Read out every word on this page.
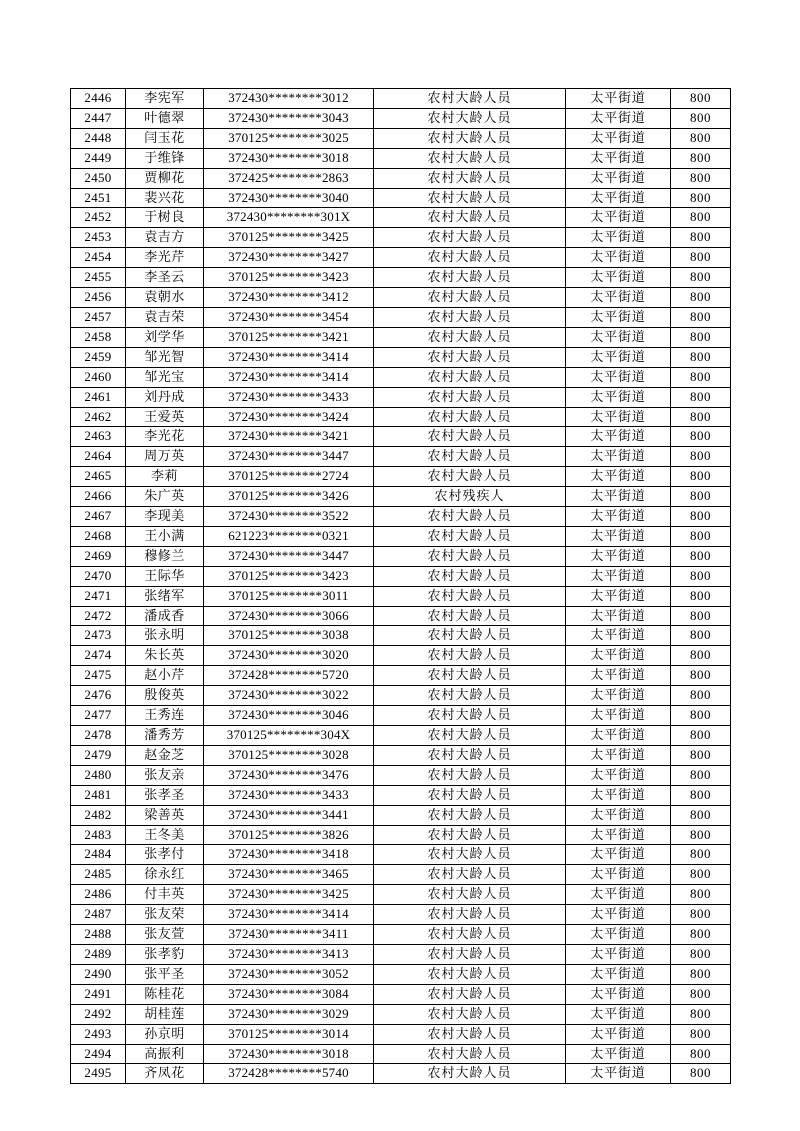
2446	李宪军	372430********3012	农村大龄人员	太平街道	800
2447	叶德翠	372430********3043	农村大龄人员	太平街道	800
2448	闫玉花	370125********3025	农村大龄人员	太平街道	800
2449	于维锋	372430********3018	农村大龄人员	太平街道	800
2450	贾柳花	372425********2863	农村大龄人员	太平街道	800
2451	裴兴花	372430********3040	农村大龄人员	太平街道	800
2452	于树良	372430********301X	农村大龄人员	太平街道	800
2453	袁吉方	370125********3425	农村大龄人员	太平街道	800
2454	李光芹	372430********3427	农村大龄人员	太平街道	800
2455	李圣云	370125********3423	农村大龄人员	太平街道	800
2456	袁朝水	372430********3412	农村大龄人员	太平街道	800
2457	袁吉荣	372430********3454	农村大龄人员	太平街道	800
2458	刘学华	370125********3421	农村大龄人员	太平街道	800
2459	邹光智	372430********3414	农村大龄人员	太平街道	800
2460	邹光宝	372430********3414	农村大龄人员	太平街道	800
2461	刘丹成	372430********3433	农村大龄人员	太平街道	800
2462	王爱英	372430********3424	农村大龄人员	太平街道	800
2463	李光花	372430********3421	农村大龄人员	太平街道	800
2464	周万英	372430********3447	农村大龄人员	太平街道	800
2465	李莉	370125********2724	农村大龄人员	太平街道	800
2466	朱广英	370125********3426	农村残疾人	太平街道	800
2467	李现美	372430********3522	农村大龄人员	太平街道	800
2468	王小满	621223********0321	农村大龄人员	太平街道	800
2469	穆修兰	372430********3447	农村大龄人员	太平街道	800
2470	王际华	370125********3423	农村大龄人员	太平街道	800
2471	张绪军	370125********3011	农村大龄人员	太平街道	800
2472	潘成香	372430********3066	农村大龄人员	太平街道	800
2473	张永明	370125********3038	农村大龄人员	太平街道	800
2474	朱长英	372430********3020	农村大龄人员	太平街道	800
2475	赵小芹	372428********5720	农村大龄人员	太平街道	800
2476	殷俊英	372430********3022	农村大龄人员	太平街道	800
2477	王秀连	372430********3046	农村大龄人员	太平街道	800
2478	潘秀芳	370125********304X	农村大龄人员	太平街道	800
2479	赵金芝	370125********3028	农村大龄人员	太平街道	800
2480	张友亲	372430********3476	农村大龄人员	太平街道	800
2481	张孝圣	372430********3433	农村大龄人员	太平街道	800
2482	梁善英	372430********3441	农村大龄人员	太平街道	800
2483	王冬美	370125********3826	农村大龄人员	太平街道	800
2484	张孝付	372430********3418	农村大龄人员	太平街道	800
2485	徐永红	372430********3465	农村大龄人员	太平街道	800
2486	付丰英	372430********3425	农村大龄人员	太平街道	800
2487	张友荣	372430********3414	农村大龄人员	太平街道	800
2488	张友萱	372430********3411	农村大龄人员	太平街道	800
2489	张孝豹	372430********3413	农村大龄人员	太平街道	800
2490	张平圣	372430********3052	农村大龄人员	太平街道	800
2491	陈桂花	372430********3084	农村大龄人员	太平街道	800
2492	胡桂莲	372430********3029	农村大龄人员	太平街道	800
2493	孙京明	370125********3014	农村大龄人员	太平街道	800
2494	高振利	372430********3018	农村大龄人员	太平街道	800
2495	齐凤花	372428********5740	农村大龄人员	太平街道	800
